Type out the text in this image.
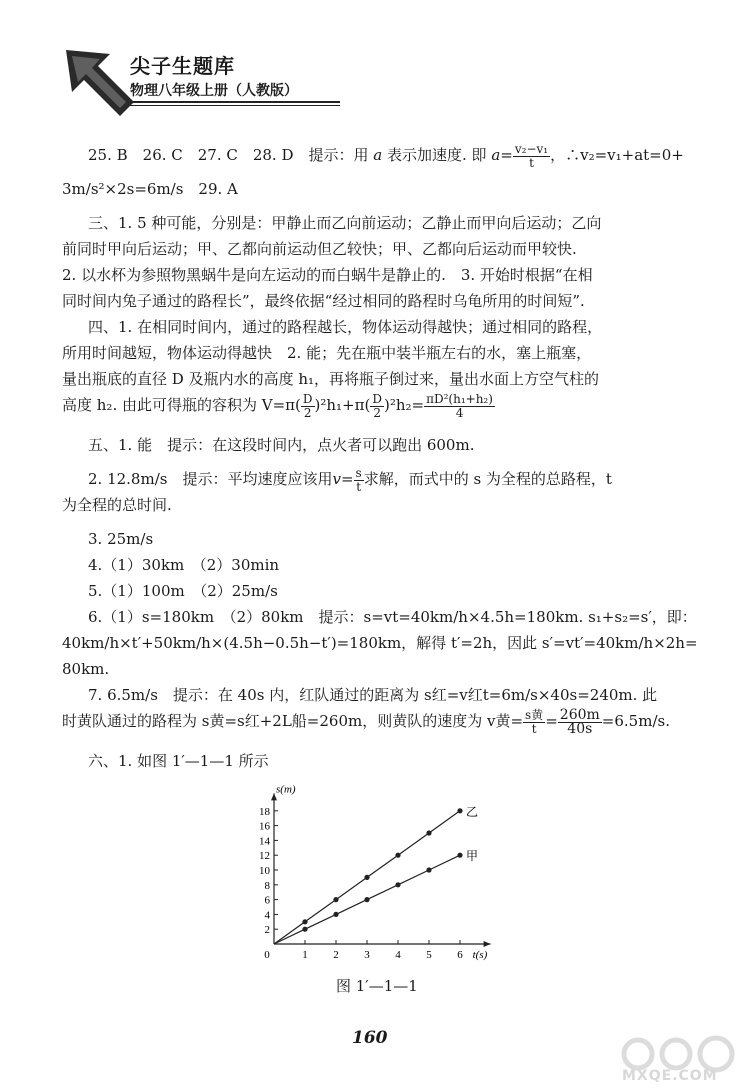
尖子生题库
物理八年级上册（人教版）
25. B　26. C　27. C　28. D　提示：用 a 表示加速度. 即 $a= \frac{\text{v₂−v₁}}{t}$ ，∴v₂=v₁+at=0+
3m/s²×2s=6m/s　29. A
三、1. 5 种可能，分别是：甲静止而乙向前运动；乙静止而甲向后运动；乙向
前同时甲向后运动；甲、乙都向前运动但乙较快；甲、乙都向后运动而甲较快.
2. 以水杯为参照物黑蜗牛是向左运动的而白蜗牛是静止的.　3. 开始时根据“在相
同时间内兔子通过的路程长”，最终依据“经过相同的路程时乌龟所用的时间短”.
四、1. 在相同时间内，通过的路程越长，物体运动得越快；通过相同的路程，
所用时间越短，物体运动得越快　2. 能；先在瓶中装半瓶左右的水，塞上瓶塞，
量出瓶底的直径 D 及瓶内水的高度 h₁，再将瓶子倒过来，量出水面上方空气柱的
高度 h₂. 由此可得瓶的容积为 $V=\pi( \frac{D}{2} )^2h_1+\pi( \frac{D}{2} )^2h_2= \frac{\text{πD²(h₁+h₂)}}{4}$
五、1. 能　提示：在这段时间内，点火者可以跑出 600m.
2. 12.8m/s　提示：平均速度应该用$v= \frac{s}{t}$ 求解，而式中的 s 为全程的总路程，t
为全程的总时间.
3. 25m/s
4.（1）30km　（2）30min
5.（1）100m　（2）25m/s
6.（1）s=180km　（2）80km　提示：s=vt=40km/h×4.5h=180km. s₁+s₂=s′，即：
40km/h×t′+50km/h×(4.5h−0.5h−t′)=180km，解得 t′=2h，因此 s′=vt′=40km/h×2h=
80km.
7. 6.5m/s　提示：在 40s 内，红队通过的距离为 s红=v红t=6m/s×40s=240m. 此
时黄队通过的路程为 s黄=s红+2L船=260m，则黄队的速度为 v黄= $\frac{\text{s黄}}{t} = \frac{260m}{40s} =6.5m/s$.
六、1. 如图 1′—1—1 所示
0	1 2 3 4 5 6
2
4
6
8
10
12
14
16
18
s(m)
t(s)
乙
甲
图 1′—1—1
160
MXQE.COM
